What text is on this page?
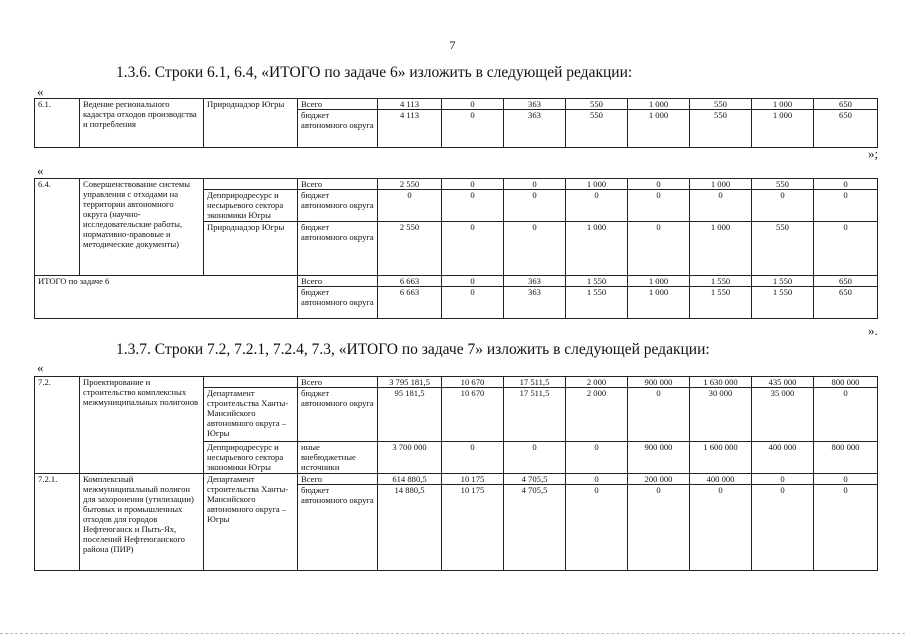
7
1.3.6. Строки 6.1, 6.4, «ИТОГО по задаче 6» изложить в следующей редакции:
«
6.1.	Ведение регионального кадастра отходов производства и потребления	Природнадзор Югры	Всего	4 113	0	363	550	1 000	550	1 000	650
			бюджет автономного округа	4 113	0	363	550	1 000	550	1 000	650
»;
«
6.4.	Совершенствование системы управления с отходами на территории автономного округа (научно-исследовательские работы, нормативно-правовые и методические документы)		Всего	2 550	0	0	1 000	0	1 000	550	0
		Депприродресурс и несырьевого сектора экономики Югры	бюджет автономного округа	0	0	0	0	0	0	0	0
		Природнадзор Югры	бюджет автономного округа	2 550	0	0	1 000	0	1 000	550	0
ИТОГО по задаче 6			Всего	6 663	0	363	1 550	1 000	1 550	1 550	650
			бюджет автономного округа	6 663	0	363	1 550	1 000	1 550	1 550	650
».
1.3.7. Строки 7.2, 7.2.1, 7.2.4, 7.3, «ИТОГО по задаче 7» изложить в следующей редакции:
«
7.2.	Проектирование и строительство комплексных межмуниципальных полигонов		Всего	3 795 181,5	10 670	17 511,5	2 000	900 000	1 630 000	435 000	800 000
		Департамент строительства Ханты-Мансийского автономного округа – Югры	бюджет автономного округа	95 181,5	10 670	17 511,5	2 000	0	30 000	35 000	0
		Депприродресурс и несырьевого сектора экономики Югры	иные внебюджетные источники	3 700 000	0	0	0	900 000	1 600 000	400 000	800 000
7.2.1.	Комплексный межмуниципальный полигон для захоронения (утилизации) бытовых и промышленных отходов для городов Нефтеюганск и Пыть-Ях, поселений Нефтеюганского района (ПИР)	Департамент строительства Ханты-Мансийского автономного округа – Югры	Всего	614 880,5	10 175	4 705,5	0	200 000	400 000	0	0
			бюджет автономного округа	14 880,5	10 175	4 705,5	0	0	0	0	0
